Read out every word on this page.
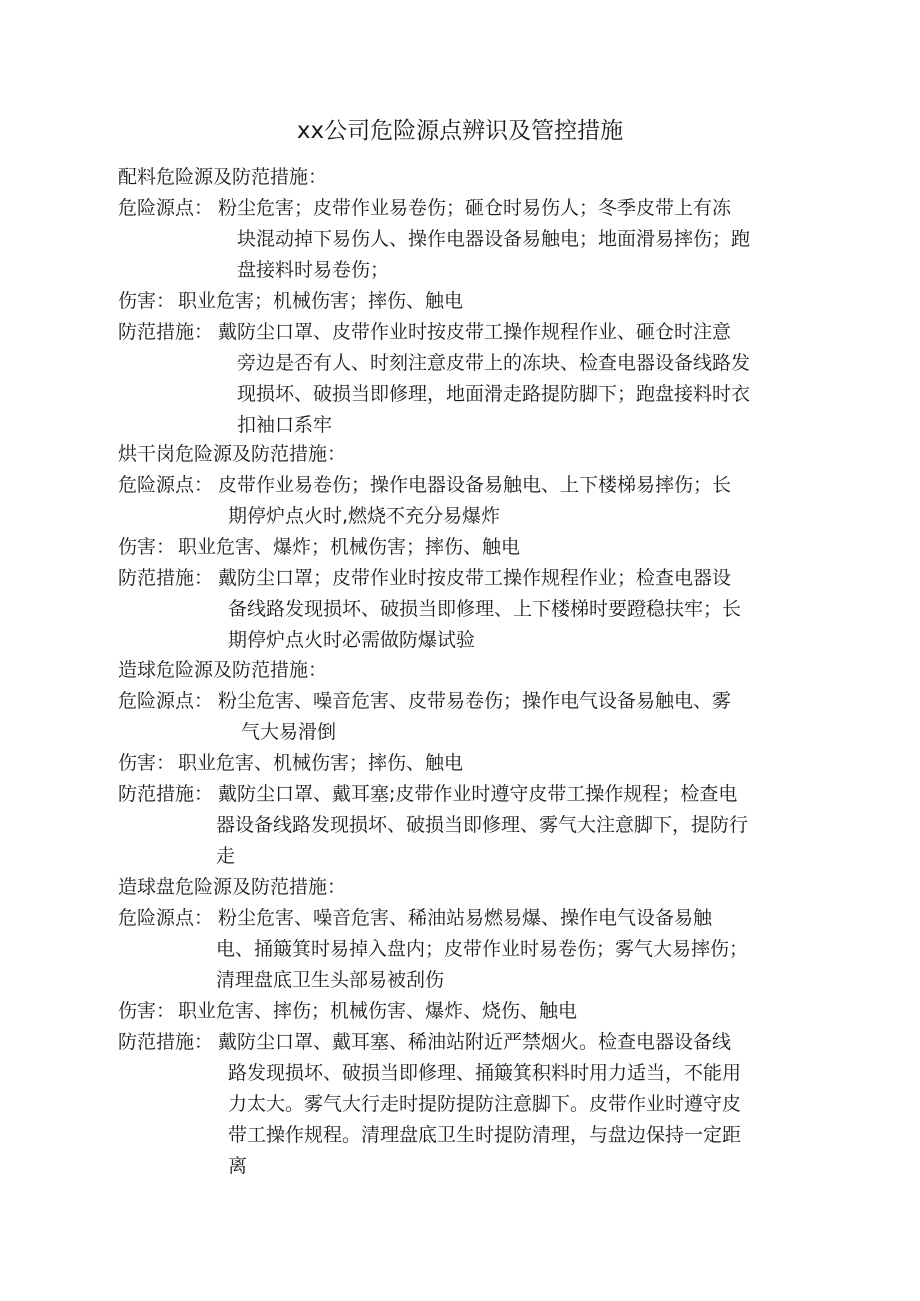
xx公司危险源点辨识及管控措施
配料危险源及防范措施：
危险源点： 粉尘危害；皮带作业易卷伤；砸仓时易伤人；冬季皮带上有冻
块混动掉下易伤人、操作电器设备易触电；地面滑易摔伤；跑
盘接料时易卷伤；
伤害： 职业危害；机械伤害；摔伤、触电
防范措施： 戴防尘口罩、皮带作业时按皮带工操作规程作业、砸仓时注意
旁边是否有人、时刻注意皮带上的冻块、检查电器设备线路发
现损坏、破损当即修理，地面滑走路提防脚下；跑盘接料时衣
扣袖口系牢
烘干岗危险源及防范措施：
危险源点： 皮带作业易卷伤；操作电器设备易触电、上下楼梯易摔伤；长
期停炉点火时,燃烧不充分易爆炸
伤害： 职业危害、爆炸；机械伤害；摔伤、触电
防范措施： 戴防尘口罩；皮带作业时按皮带工操作规程作业；检查电器设
备线路发现损坏、破损当即修理、上下楼梯时要蹬稳扶牢；长
期停炉点火时必需做防爆试验
造球危险源及防范措施：
危险源点： 粉尘危害、噪音危害、皮带易卷伤；操作电气设备易触电、雾
气大易滑倒
伤害： 职业危害、机械伤害；摔伤、触电
防范措施： 戴防尘口罩、戴耳塞;皮带作业时遵守皮带工操作规程；检查电
器设备线路发现损坏、破损当即修理、雾气大注意脚下，提防行
走
造球盘危险源及防范措施：
危险源点： 粉尘危害、噪音危害、稀油站易燃易爆、操作电气设备易触
电、捅簸箕时易掉入盘内；皮带作业时易卷伤；雾气大易摔伤；
清理盘底卫生头部易被刮伤
伤害： 职业危害、摔伤；机械伤害、爆炸、烧伤、触电
防范措施： 戴防尘口罩、戴耳塞、稀油站附近严禁烟火。检查电器设备线
路发现损坏、破损当即修理、捅簸箕积料时用力适当，不能用
力太大。雾气大行走时提防提防注意脚下。皮带作业时遵守皮
带工操作规程。清理盘底卫生时提防清理，与盘边保持一定距
离
